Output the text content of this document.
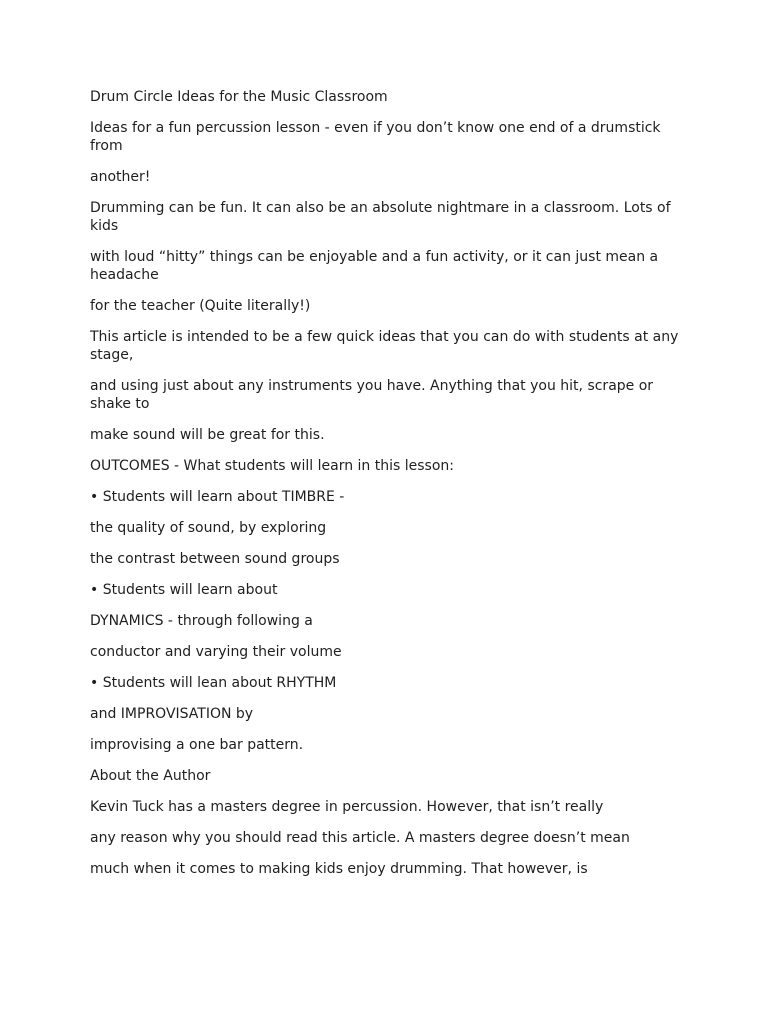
Drum Circle Ideas for the Music Classroom

Ideas for a fun percussion lesson - even if you don’t know one end of a drumstick from

another!

Drumming can be fun. It can also be an absolute nightmare in a classroom. Lots of kids

with loud “hitty” things can be enjoyable and a fun activity, or it can just mean a headache

for the teacher (Quite literally!)

This article is intended to be a few quick ideas that you can do with students at any stage,

and using just about any instruments you have. Anything that you hit, scrape or shake to

make sound will be great for this.

OUTCOMES - What students will learn in this lesson:

• Students will learn about TIMBRE -

the quality of sound, by exploring

the contrast between sound groups

• Students will learn about

DYNAMICS - through following a

conductor and varying their volume

• Students will lean about RHYTHM

and IMPROVISATION by

improvising a one bar pattern.

About the Author

Kevin Tuck has a masters degree in percussion. However, that isn’t really

any reason why you should read this article. A masters degree doesn’t mean

much when it comes to making kids enjoy drumming. That however, is
